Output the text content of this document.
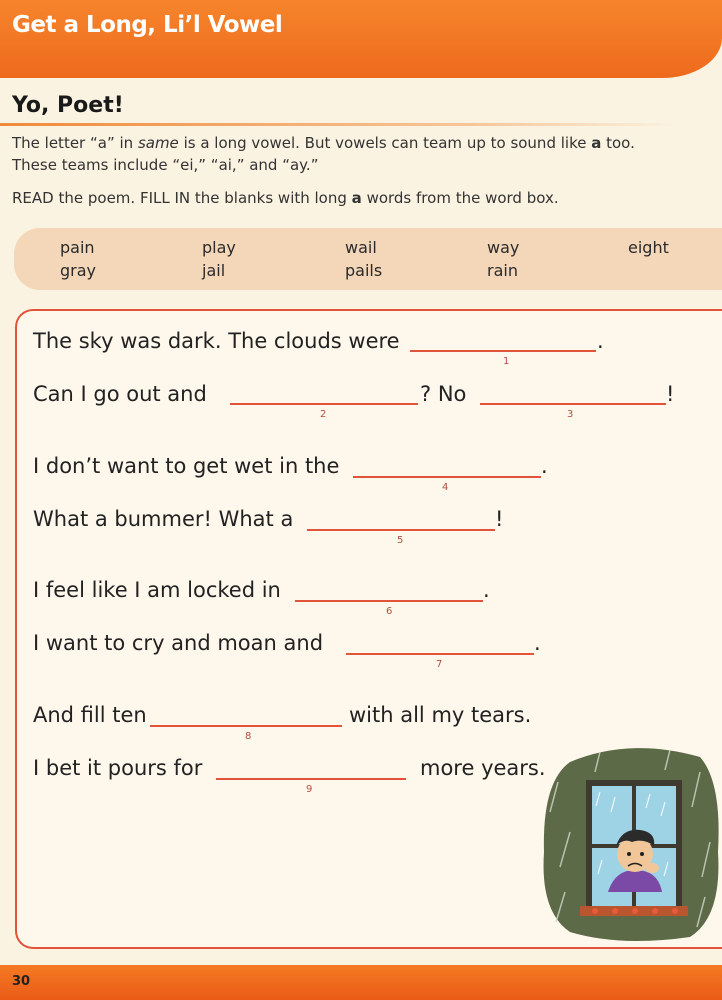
Get a Long, Li’l Vowel
Yo, Poet!
The letter “a” in same is a long vowel. But vowels can team up to sound like a too.
These teams include “ei,” “ai,” and “ay.”
READ the poem. FILL IN the blanks with long a words from the word box.
pain	play	wail	way	eight
gray	jail	pails	rain
The sky was dark. The clouds were
1
.
Can I go out and
2
? No
3
!
I don’t want to get wet in the
4
.
What a bummer! What a
5
!
I feel like I am locked in
6
.
I want to cry and moan and
7
.
And fill ten
8
with all my tears.
I bet it pours for
9
more years.
30
